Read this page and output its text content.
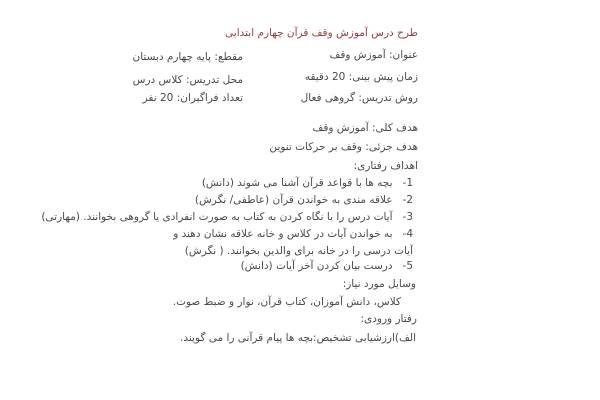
طرح درس آموزش وقف قرآن چهارم ابتدایی
عنوان: آموزش وقف
زمان پیش بینی: 20 دقیقه
روش تدریس: گروهی فعال
مقطع: پایه چهارم دبستان
محل تدریس: کلاس درس
تعداد فراگیران: 20 نفر
هدف کلی: آموزش وقف
هدف جزئی: وقف بر حرکات تنوین
اهداف رفتاری:
1-بچه ها با قواعد قرآن آشنا می شوند (دانش)
2-علاقه مندی به خواندن قرآن (عاطفی/ نگرش)
3-آیات درس را با نگاه کردن به کتاب به صورت انفرادی یا گروهی بخوانند. (مهارتی)
4-به خواندن آیات در کلاس و خانه علاقه نشان دهند و آیات درسی را در خانه برای والدین بخوانند. ( نگرش)
5-درست بیان کردن آخر آیات (دانش)
وسایل مورد نیاز:
کلاس، دانش آموزان، کتاب قرآن، نوار و ضبط صوت.
رفتار ورودی:
الف)ارزشیابی تشخیص:بچه ها پیام قرآنی را می گویند.
